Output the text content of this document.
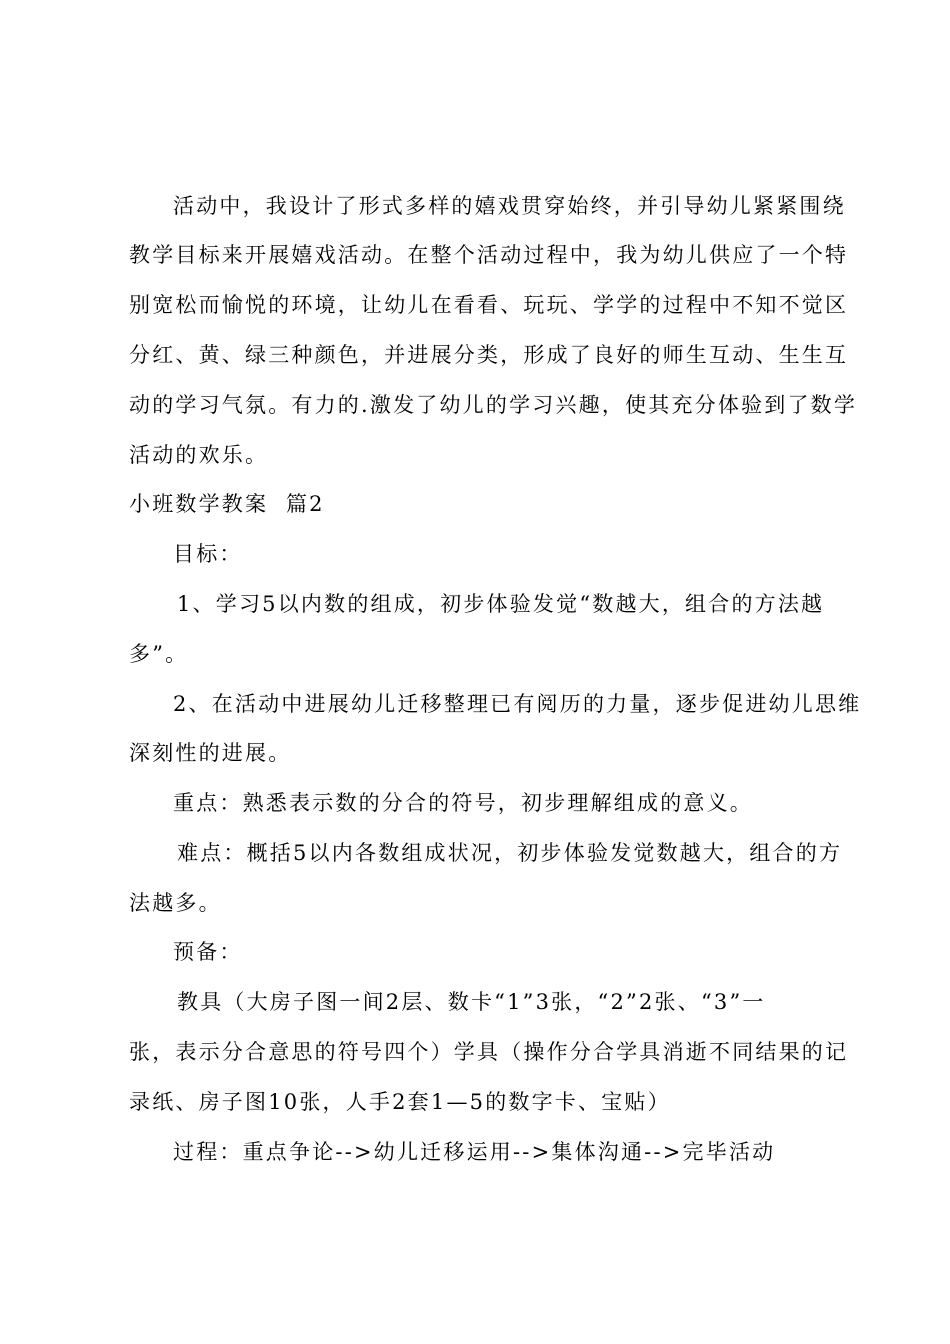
活动中，我设计了形式多样的嬉戏贯穿始终，并引导幼儿紧紧围绕
教学目标来开展嬉戏活动。在整个活动过程中，我为幼儿供应了一个特
别宽松而愉悦的环境，让幼儿在看看、玩玩、学学的过程中不知不觉区
分红、黄、绿三种颜色，并进展分类，形成了良好的师生互动、生生互
动的学习气氛。有力的.激发了幼儿的学习兴趣，使其充分体验到了数学
活动的欢乐。
小班数学教案  篇2
目标：
1、学习5以内数的组成，初步体验发觉“数越大，组合的方法越
多”。
2、在活动中进展幼儿迁移整理已有阅历的力量，逐步促进幼儿思维
深刻性的进展。
重点：熟悉表示数的分合的符号，初步理解组成的意义。
难点：概括5以内各数组成状况，初步体验发觉数越大，组合的方
法越多。
预备：
教具（大房子图一间2层、数卡“1”3张，“2”2张、“3”一
张，表示分合意思的符号四个）学具（操作分合学具消逝不同结果的记
录纸、房子图10张，人手2套1—5的数字卡、宝贴）
过程：重点争论-->幼儿迁移运用-->集体沟通-->完毕活动
